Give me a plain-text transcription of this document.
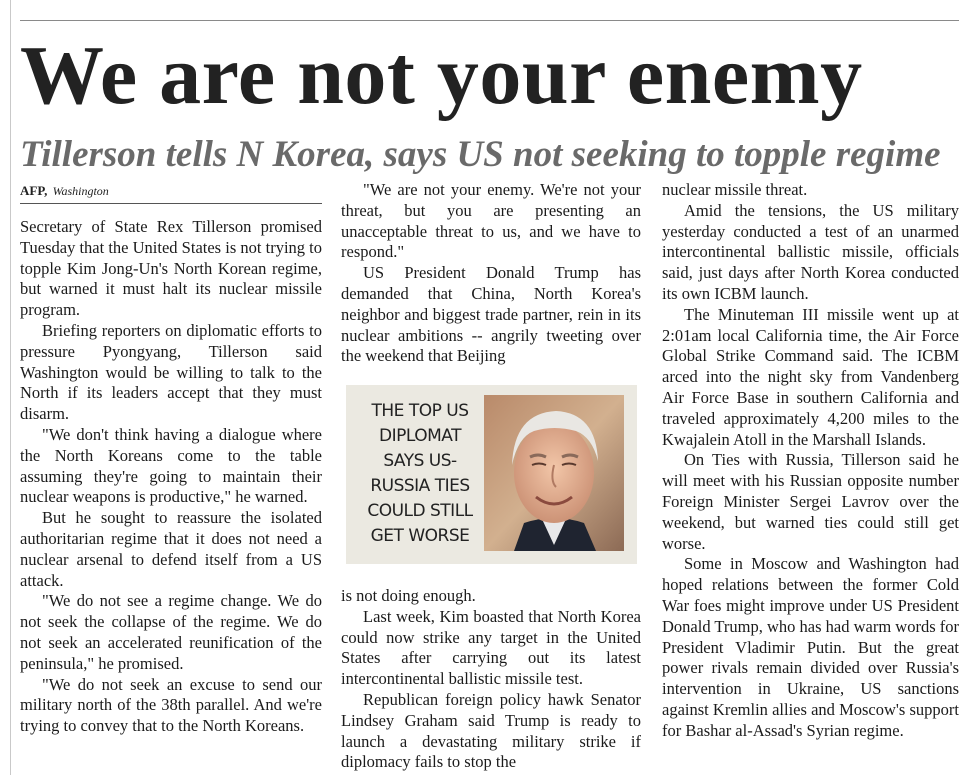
We are not your enemy
Tillerson tells N Korea, says US not seeking to topple regime
AFP, Washington

Secretary of State Rex Tillerson promised Tuesday that the United States is not trying to topple Kim Jong-Un's North Korean regime, but warned it must halt its nuclear missile program.

Briefing reporters on diplomatic efforts to pressure Pyongyang, Tillerson said Washington would be willing to talk to the North if its leaders accept that they must disarm.

"We don't think having a dialogue where the North Koreans come to the table assuming they're going to maintain their nuclear weapons is productive," he warned.

But he sought to reassure the isolated authoritarian regime that it does not need a nuclear arsenal to defend itself from a US attack.

"We do not see a regime change. We do not seek the collapse of the regime. We do not seek an accelerated reunification of the peninsula," he promised.

"We do not seek an excuse to send our military north of the 38th parallel. And we're trying to convey that to the North Koreans.

"We are not your enemy. We're not your threat, but you are presenting an unacceptable threat to us, and we have to respond."

US President Donald Trump has demanded that China, North Korea's neighbor and biggest trade partner, rein in its nuclear ambitions -- angrily tweeting over the weekend that Beijing

THE TOP US
DIPLOMAT
SAYS US-
RUSSIA TIES
COULD STILL
GET WORSE

is not doing enough.

Last week, Kim boasted that North Korea could now strike any target in the United States after carrying out its latest intercontinental ballistic missile test.

Republican foreign policy hawk Senator Lindsey Graham said Trump is ready to launch a devastating military strike if diplomacy fails to stop the

nuclear missile threat.

Amid the tensions, the US military yesterday conducted a test of an unarmed intercontinental ballistic missile, officials said, just days after North Korea conducted its own ICBM launch.

The Minuteman III missile went up at 2:01am local California time, the Air Force Global Strike Command said. The ICBM arced into the night sky from Vandenberg Air Force Base in southern California and traveled approximately 4,200 miles to the Kwajalein Atoll in the Marshall Islands.

On Ties with Russia, Tillerson said he will meet with his Russian opposite number Foreign Minister Sergei Lavrov over the weekend, but warned ties could still get worse.

Some in Moscow and Washington had hoped relations between the former Cold War foes might improve under US President Donald Trump, who has had warm words for President Vladimir Putin. But the great power rivals remain divided over Russia's intervention in Ukraine, US sanctions against Kremlin allies and Moscow's support for Bashar al-Assad's Syrian regime.
